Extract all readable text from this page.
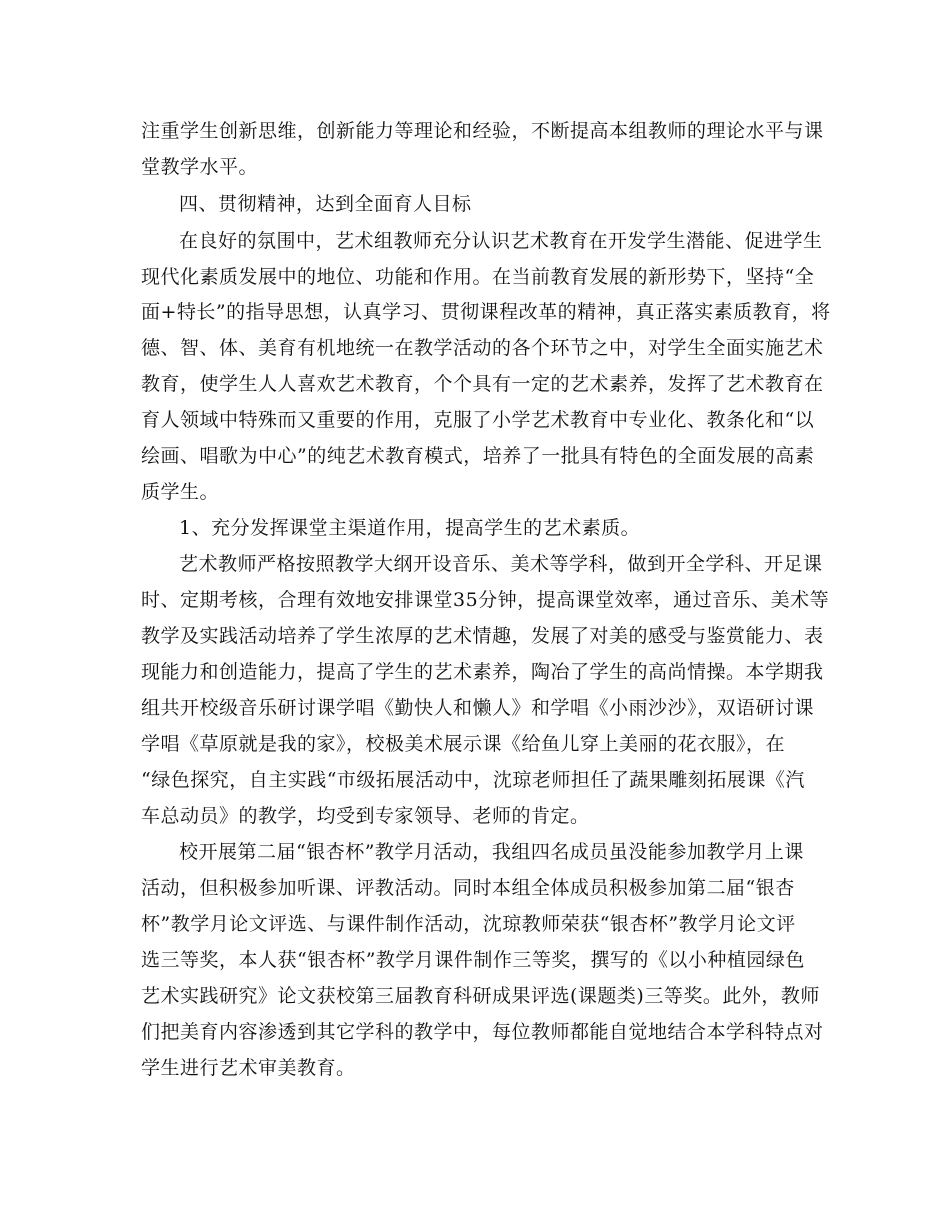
注重学生创新思维，创新能力等理论和经验，不断提高本组教师的理论水平与课
堂教学水平。
四、贯彻精神，达到全面育人目标
在良好的氛围中，艺术组教师充分认识艺术教育在开发学生潜能、促进学生
现代化素质发展中的地位、功能和作用。在当前教育发展的新形势下，坚持“全
面+特长”的指导思想，认真学习、贯彻课程改革的精神，真正落实素质教育，将
德、智、体、美育有机地统一在教学活动的各个环节之中，对学生全面实施艺术
教育，使学生人人喜欢艺术教育，个个具有一定的艺术素养，发挥了艺术教育在
育人领域中特殊而又重要的作用，克服了小学艺术教育中专业化、教条化和“以
绘画、唱歌为中心”的纯艺术教育模式，培养了一批具有特色的全面发展的高素
质学生。
1、充分发挥课堂主渠道作用，提高学生的艺术素质。
艺术教师严格按照教学大纲开设音乐、美术等学科，做到开全学科、开足课
时、定期考核，合理有效地安排课堂35分钟，提高课堂效率，通过音乐、美术等
教学及实践活动培养了学生浓厚的艺术情趣，发展了对美的感受与鉴赏能力、表
现能力和创造能力，提高了学生的艺术素养，陶冶了学生的高尚情操。本学期我
组共开校级音乐研讨课学唱《勤快人和懒人》和学唱《小雨沙沙》，双语研讨课
学唱《草原就是我的家》，校极美术展示课《给鱼儿穿上美丽的花衣服》，在
“绿色探究，自主实践“市级拓展活动中，沈琼老师担任了蔬果雕刻拓展课《汽
车总动员》的教学，均受到专家领导、老师的肯定。
校开展第二届“银杏杯”教学月活动，我组四名成员虽没能参加教学月上课
活动，但积极参加听课、评教活动。同时本组全体成员积极参加第二届“银杏
杯”教学月论文评选、与课件制作活动，沈琼教师荣获“银杏杯”教学月论文评
选三等奖，本人获“银杏杯”教学月课件制作三等奖，撰写的《以小种植园绿色
艺术实践研究》论文获校第三届教育科研成果评选(课题类)三等奖。此外，教师
们把美育内容渗透到其它学科的教学中，每位教师都能自觉地结合本学科特点对
学生进行艺术审美教育。
